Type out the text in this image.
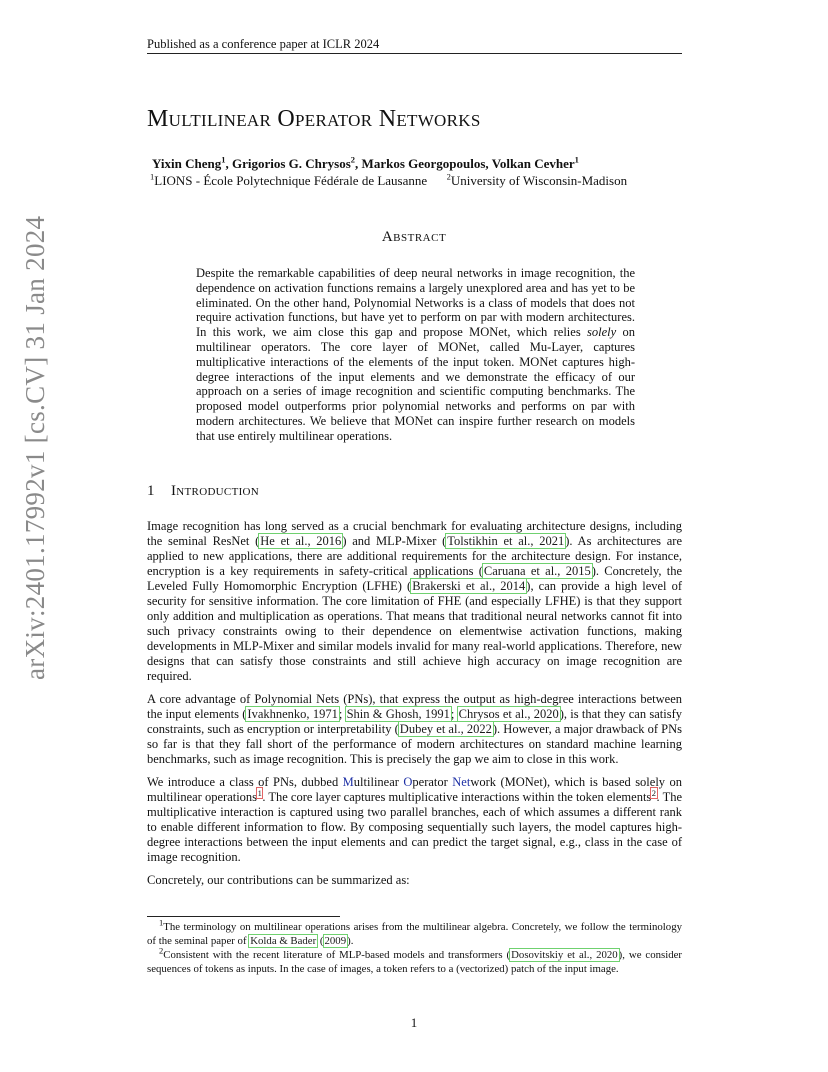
Published as a conference paper at ICLR 2024
arXiv:2401.17992v1 [cs.CV] 31 Jan 2024
Multilinear Operator Networks
Yixin Cheng$^1$, Grigorios G. Chrysos$^2$, Markos Georgopoulos, Volkan Cevher$^1$
$^1$LIONS - École Polytechnique Fédérale de Lausanne $^2$University of Wisconsin-Madison
Abstract
Despite the remarkable capabilities of deep neural networks in image recognition, the dependence on activation functions remains a largely unexplored area and has yet to be eliminated. On the other hand, Polynomial Networks is a class of models that does not require activation functions, but have yet to perform on par with modern architectures. In this work, we aim close this gap and propose MONet, which relies solely on multilinear operators. The core layer of MONet, called Mu-Layer, captures multiplicative interactions of the elements of the input token. MONet captures high-degree interactions of the input elements and we demonstrate the efficacy of our approach on a series of image recognition and scientific computing benchmarks. The proposed model outperforms prior polynomial networks and performs on par with modern architectures. We believe that MONet can inspire further research on models that use entirely multilinear operations.
1 Introduction

Image recognition has long served as a crucial benchmark for evaluating architecture designs, including the seminal ResNet (He et al., 2016) and MLP-Mixer (Tolstikhin et al., 2021). As architectures are applied to new applications, there are additional requirements for the architecture design. For instance, encryption is a key requirements in safety-critical applications (Caruana et al., 2015). Concretely, the Leveled Fully Homomorphic Encryption (LFHE) (Brakerski et al., 2014), can provide a high level of security for sensitive information. The core limitation of FHE (and especially LFHE) is that they support only addition and multiplication as operations. That means that traditional neural networks cannot fit into such privacy constraints owing to their dependence on elementwise activation functions, making developments in MLP-Mixer and similar models invalid for many real-world applications. Therefore, new designs that can satisfy those constraints and still achieve high accuracy on image recognition are required.

A core advantage of Polynomial Nets (PNs), that express the output as high-degree interactions between the input elements (Ivakhnenko, 1971; Shin & Ghosh, 1991; Chrysos et al., 2020), is that they can satisfy constraints, such as encryption or interpretability (Dubey et al., 2022). However, a major drawback of PNs so far is that they fall short of the performance of modern architectures on standard machine learning benchmarks, such as image recognition. This is precisely the gap we aim to close in this work.

We introduce a class of PNs, dubbed Multilinear Operator Network (MONet), which is based solely on multilinear operations$^1$. The core layer captures multiplicative interactions within the token elements$^2$. The multiplicative interaction is captured using two parallel branches, each of which assumes a different rank to enable different information to flow. By composing sequentially such layers, the model captures high-degree interactions between the input elements and can predict the target signal, e.g., class in the case of image recognition.

Concretely, our contributions can be summarized as:

$^1$The terminology on multilinear operations arises from the multilinear algebra. Concretely, we follow the terminology of the seminal paper of Kolda & Bader (2009).

$^2$Consistent with the recent literature of MLP-based models and transformers (Dosovitskiy et al., 2020), we consider sequences of tokens as inputs. In the case of images, a token refers to a (vectorized) patch of the input image.

1
